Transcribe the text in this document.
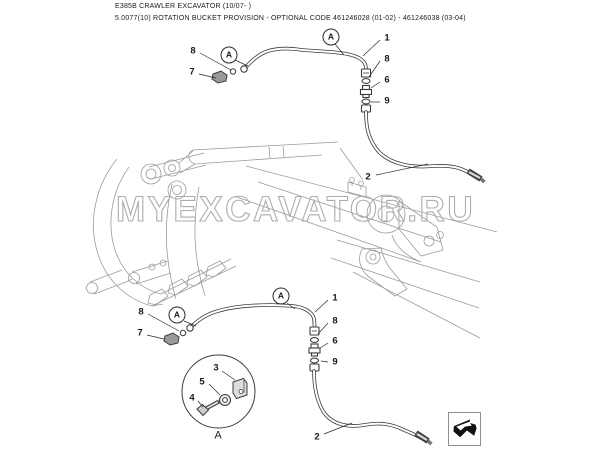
E385B CRAWLER EXCAVATOR (10/07- )
5.0077(10) ROTATION BUCKET PROVISION - OPTIONAL CODE 461246028 (01-02) - 461246038 (03-04)
MYEXCAVATOR.RU
8
7
A
A	1
8
6
9
2
8
7
A
A	1
8
6
9
2
3
5
4
A
